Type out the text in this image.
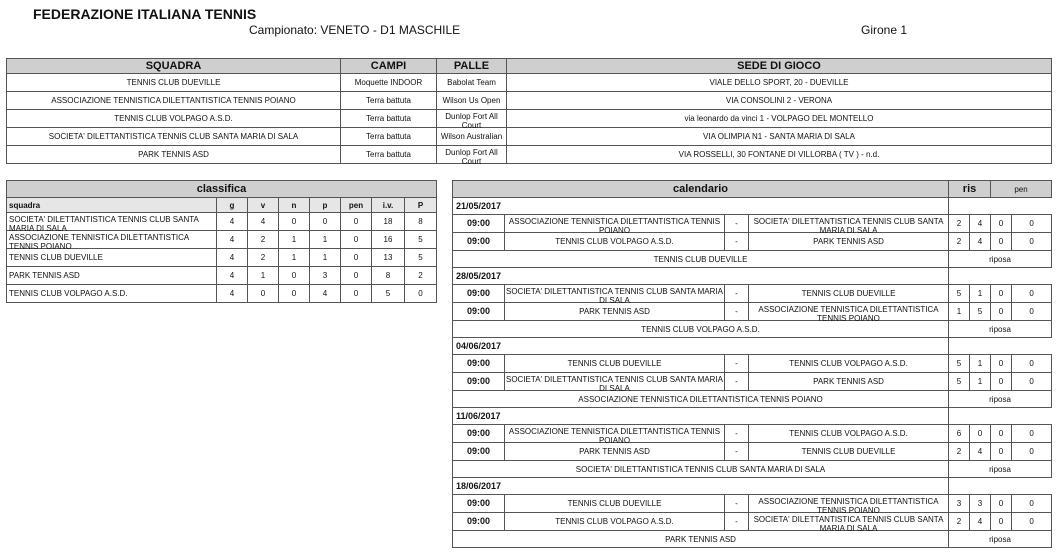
FEDERAZIONE ITALIANA TENNIS
Campionato: VENETO - D1 MASCHILE	Girone 1
SQUADRA	CAMPI	PALLE	SEDE DI GIOCO

TENNIS CLUB DUEVILLE	Moquette INDOOR	Babolat Team	VIALE DELLO SPORT, 20 - DUEVILLE

ASSOCIAZIONE TENNISTICA DILETTANTISTICA TENNIS POIANO	Terra battuta	Wilson Us Open	VIA CONSOLINI 2 - VERONA

TENNIS CLUB VOLPAGO A.S.D.	Terra battuta	Dunlop Fort All Court	via leonardo da vinci 1 - VOLPAGO DEL MONTELLO

SOCIETA' DILETTANTISTICA TENNIS CLUB SANTA MARIA DI SALA	Terra battuta	Wilson Australian	VIA OLIMPIA N1 - SANTA MARIA DI SALA

PARK TENNIS ASD	Terra battuta	Dunlop Fort All Court	VIA ROSSELLI, 30 FONTANE DI VILLORBA ( TV ) - n.d.
classifica							

squadra	g	v	n	p	pen	i.v.	P

SOCIETA' DILETTANTISTICA TENNIS CLUB SANTA MARIA DI SALA	4	4	0	0	0	18	8

ASSOCIAZIONE TENNISTICA DILETTANTISTICA TENNIS POIANO	4	2	1	1	0	16	5

TENNIS CLUB DUEVILLE	4	2	1	1	0	13	5

PARK TENNIS ASD	4	1	0	3	0	8	2

TENNIS CLUB VOLPAGO A.S.D.	4	0	0	4	0	5	0
calendario				ris		pen	

21/05/2017							

09:00	ASSOCIAZIONE TENNISTICA DILETTANTISTICA TENNIS POIANO	-	SOCIETA' DILETTANTISTICA TENNIS CLUB SANTA MARIA DI SALA	2	4	0	0

09:00	TENNIS CLUB VOLPAGO A.S.D.	-	PARK TENNIS ASD	2	4	0	0

TENNIS CLUB DUEVILLE				riposa			

28/05/2017							

09:00	SOCIETA' DILETTANTISTICA TENNIS CLUB SANTA MARIA DI SALA	-	TENNIS CLUB DUEVILLE	5	1	0	0

09:00	PARK TENNIS ASD	-	ASSOCIAZIONE TENNISTICA DILETTANTISTICA TENNIS POIANO	1	5	0	0

TENNIS CLUB VOLPAGO A.S.D.				riposa			

04/06/2017							

09:00	TENNIS CLUB DUEVILLE	-	TENNIS CLUB VOLPAGO A.S.D.	5	1	0	0

09:00	SOCIETA' DILETTANTISTICA TENNIS CLUB SANTA MARIA DI SALA	-	PARK TENNIS ASD	5	1	0	0

ASSOCIAZIONE TENNISTICA DILETTANTISTICA TENNIS POIANO				riposa			

11/06/2017							

09:00	ASSOCIAZIONE TENNISTICA DILETTANTISTICA TENNIS POIANO	-	TENNIS CLUB VOLPAGO A.S.D.	6	0	0	0

09:00	PARK TENNIS ASD	-	TENNIS CLUB DUEVILLE	2	4	0	0

SOCIETA' DILETTANTISTICA TENNIS CLUB SANTA MARIA DI SALA				riposa			

18/06/2017							

09:00	TENNIS CLUB DUEVILLE	-	ASSOCIAZIONE TENNISTICA DILETTANTISTICA TENNIS POIANO	3	3	0	0

09:00	TENNIS CLUB VOLPAGO A.S.D.	-	SOCIETA' DILETTANTISTICA TENNIS CLUB SANTA MARIA DI SALA	2	4	0	0

PARK TENNIS ASD				riposa			
